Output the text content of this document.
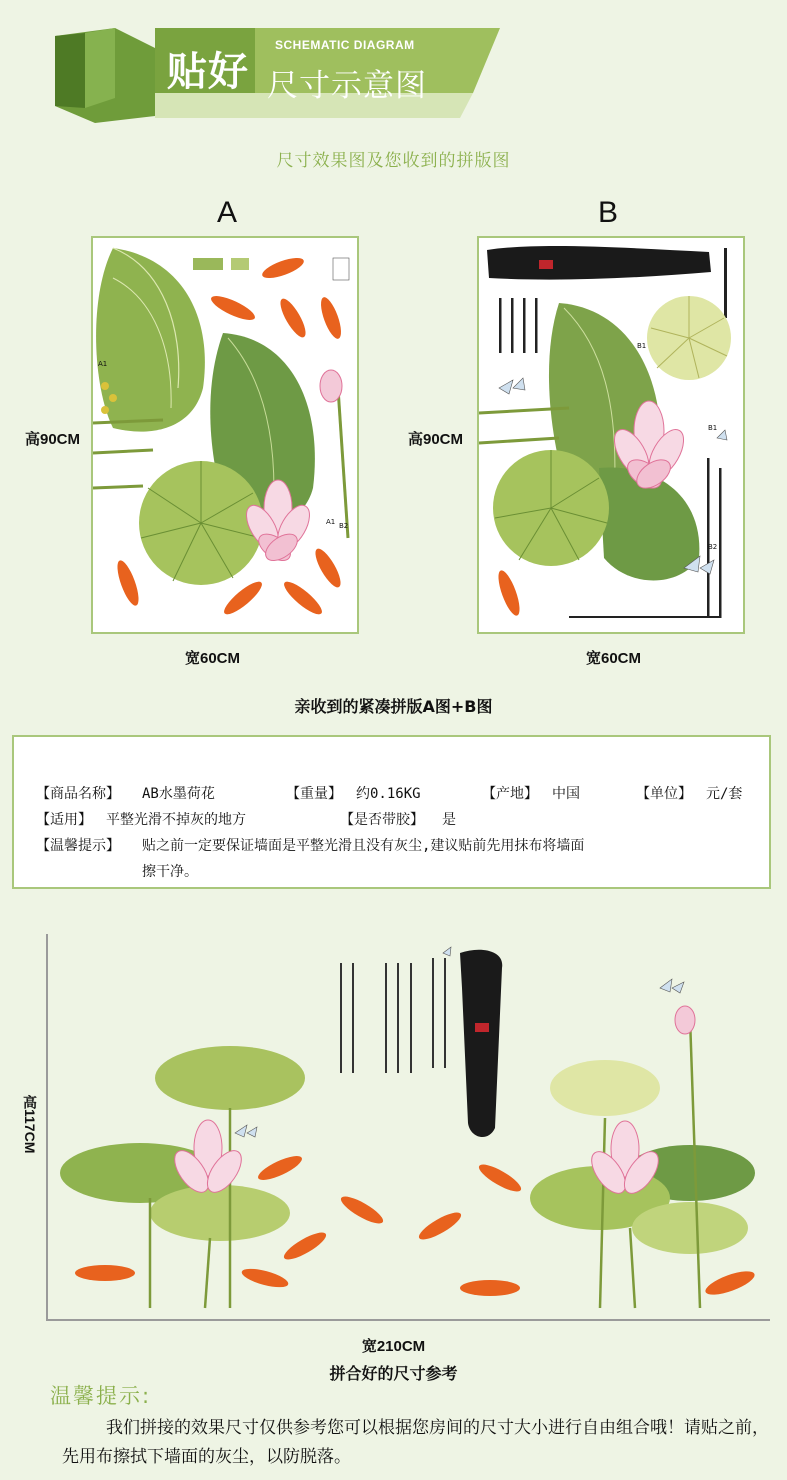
贴好
SCHEMATIC DIAGRAM
尺寸示意图
尺寸效果图及您收到的拼版图
A
高90CM
A1
A1 B2
宽60CM
B
高90CM
B1
B1
B2
宽60CM
亲收到的紧凑拼版A图+B图
【商品名称】 AB水墨荷花	【重量】 约0.16KG	【产地】 中国	【单位】 元/套
【适用】 平整光滑不掉灰的地方	【是否带胶】 是
【温馨提示】 贴之前一定要保证墙面是平整光滑且没有灰尘,建议贴前先用抹布将墙面
擦干净。
高117CM
宽210CM
拼合好的尺寸参考
温馨提示:
我们拼接的效果尺寸仅供参考您可以根据您房间的尺寸大小进行自由组合哦！请贴之前，先用布擦拭下墙面的灰尘，以防脱落。
